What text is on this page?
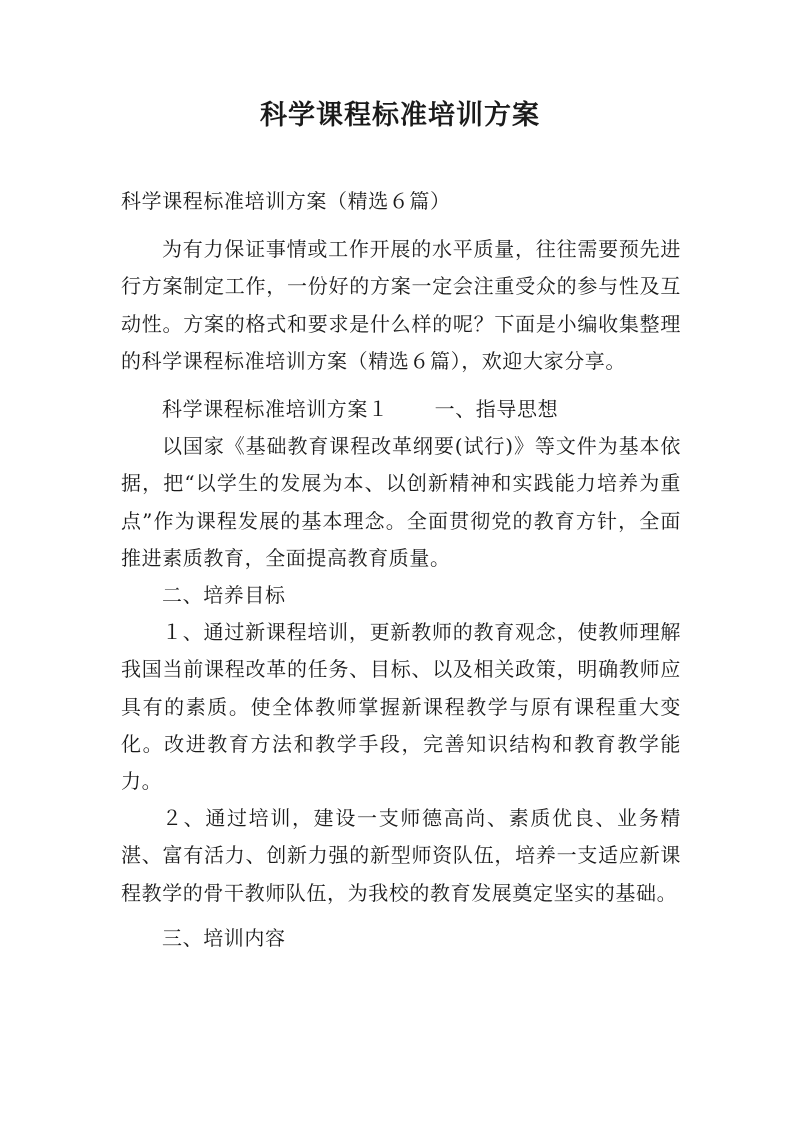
科学课程标准培训方案

科学课程标准培训方案（精选６篇）

为有力保证事情或工作开展的水平质量，往往需要预先进行方案制定工作，一份好的方案一定会注重受众的参与性及互动性。方案的格式和要求是什么样的呢？下面是小编收集整理的科学课程标准培训方案（精选６篇），欢迎大家分享。

科学课程标准培训方案１ 一、指导思想

以国家《基础教育课程改革纲要(试行)》等文件为基本依据，把“以学生的发展为本、以创新精神和实践能力培养为重点”作为课程发展的基本理念。全面贯彻党的教育方针，全面推进素质教育，全面提高教育质量。

二、培养目标

１、通过新课程培训，更新教师的教育观念，使教师理解我国当前课程改革的任务、目标、以及相关政策，明确教师应具有的素质。使全体教师掌握新课程教学与原有课程重大变化。改进教育方法和教学手段，完善知识结构和教育教学能力。

２、通过培训，建设一支师德高尚、素质优良、业务精湛、富有活力、创新力强的新型师资队伍，培养一支适应新课程教学的骨干教师队伍，为我校的教育发展奠定坚实的基础。

三、培训内容
